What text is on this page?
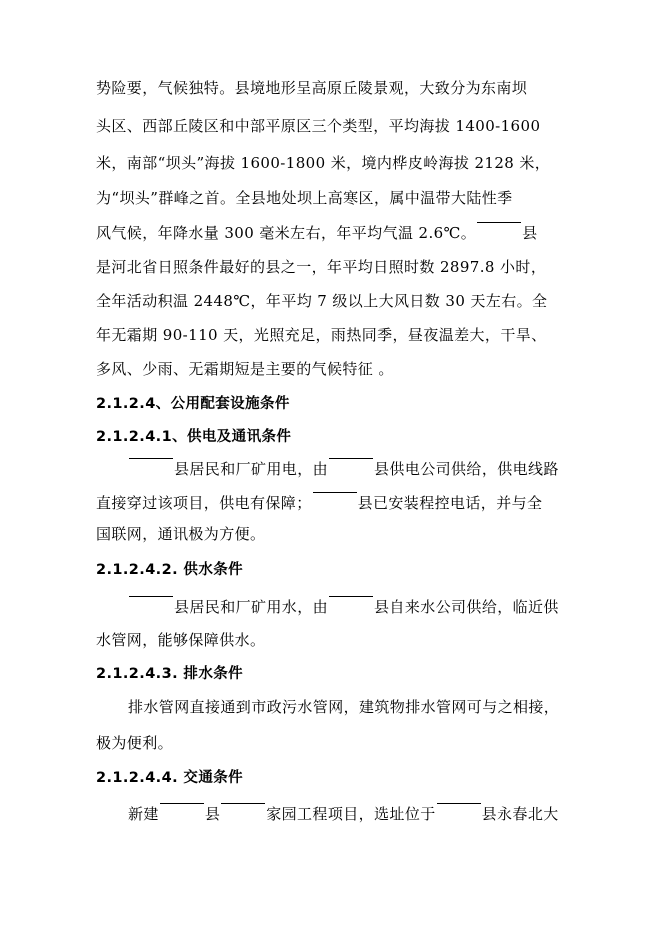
势险要，气候独特。县境地形呈高原丘陵景观，大致分为东南坝
头区、西部丘陵区和中部平原区三个类型，平均海拔 1400-1600
米，南部“坝头”海拔 1600-1800 米，境内桦皮岭海拔 2128 米，
为“坝头”群峰之首。全县地处坝上高寒区，属中温带大陆性季
风气候，年降水量 300 毫米左右，年平均气温 2.6℃。	县
是河北省日照条件最好的县之一，年平均日照时数 2897.8 小时，
全年活动积温 2448℃，年平均 7 级以上大风日数 30 天左右。全
年无霜期 90-110 天，光照充足，雨热同季，昼夜温差大，干旱、
多风、少雨、无霜期短是主要的气候特征 。
2.1.2.4、公用配套设施条件
2.1.2.4.1、供电及通讯条件
县居民和厂矿用电，由	县供电公司供给，供电线路
直接穿过该项目，供电有保障；	县已安装程控电话，并与全
国联网，通讯极为方便。
2.1.2.4.2. 供水条件
县居民和厂矿用水，由	县自来水公司供给，临近供
水管网，能够保障供水。
2.1.2.4.3. 排水条件
排水管网直接通到市政污水管网，建筑物排水管网可与之相接，
极为便利。
2.1.2.4.4. 交通条件
新建	县	家园工程项目，选址位于	县永春北大
